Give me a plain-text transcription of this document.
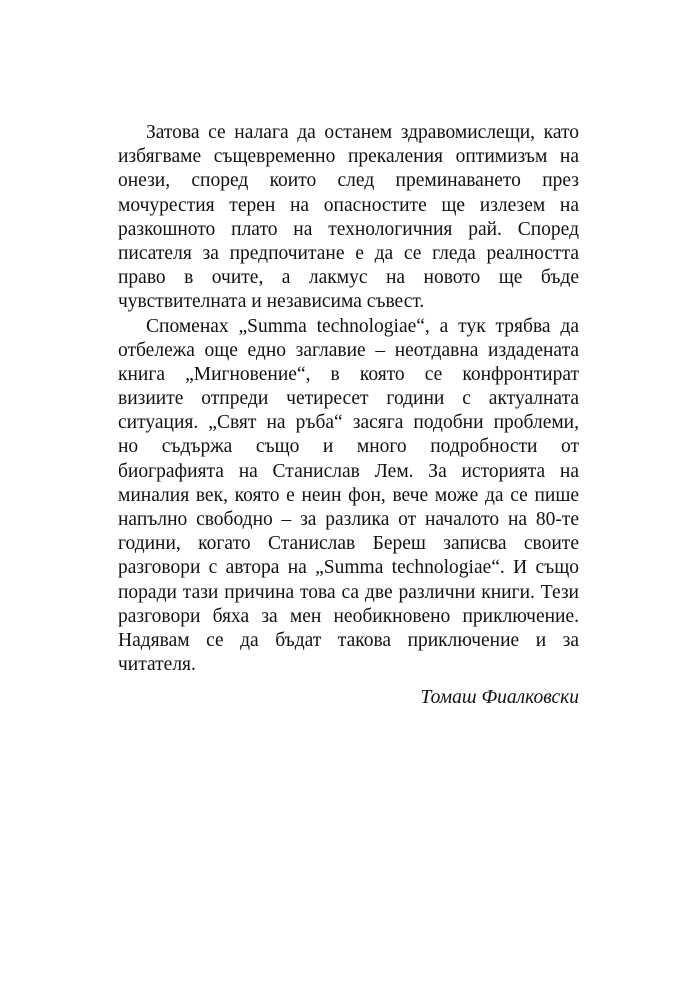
Затова се налага да останем здравомислещи, като
избягваме същевременно прекаления оптимизъм на
онези, според които след преминаването през
мочурестия терен на опасностите ще излезем на
разкошното плато на технологичния рай. Според
писателя за предпочитане е да се гледа реалността
право в очите, а лакмус на новото ще бъде
чувствителната и независима съвест.
Споменах „Summa technologiae“, а тук трябва да
отбележа още едно заглавие – неотдавна издадената
книга „Мигновение“, в която се конфронтират
визиите отпреди четиресет години с актуалната
ситуация. „Свят на ръба“ засяга подобни проблеми,
но съдържа също и много подробности от
биографията на Станислав Лем. За историята на
миналия век, която е неин фон, вече може да се пише
напълно свободно – за разлика от началото на 80-те
години, когато Станислав Береш записва своите
разговори с автора на „Summa technologiae“. И също
поради тази причина това са две различни книги. Тези
разговори бяха за мен необикновено приключение.
Надявам се да бъдат такова приключение и за
читателя.
Томаш Фиалковски
